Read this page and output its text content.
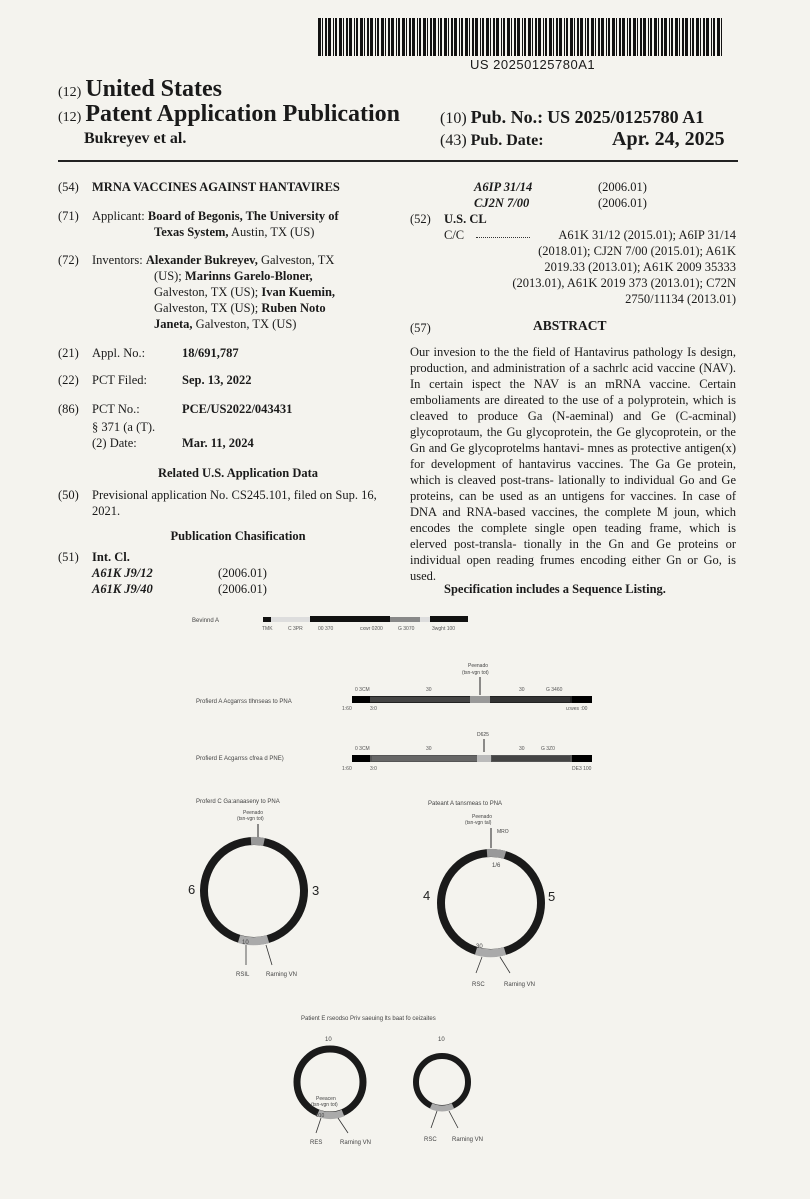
US 20250125780A1
(12) United States
(12) Patent Application Publication
Bukreyev et al.
(10) Pub. No.: US 2025/0125780 A1
(43) Pub. Date:	Apr. 24, 2025
(54) MRNA VACCINES AGAINST HANTAVIRES
(71) Applicant: Board of Begonis, The University of
Texas System, Austin, TX (US)
(72) Inventors: Alexander Bukreyev, Galveston, TX
(US); Marinns Garelo-Bloner,
Galveston, TX (US); Ivan Kuemin,
Galveston, TX (US); Ruben Noto
Janeta, Galveston, TX (US)
(21) Appl. No.:	18/691,787
(22) PCT Filed:	Sep. 13, 2022
(86) PCT No.:	PCE/US2022/043431
§ 371 (a (T).
(2) Date:	Mar. 11, 2024
Related U.S. Application Data
(50) Previsional application No. CS245.101, filed on Sup. 16, 2021.
Publication Chasification
(51) Int. Cl.
A61K J9/12	(2006.01)
A61K J9/40	(2006.01)
A6IP 31/14	(2006.01)
CJ2N 7/00	(2006.01)
(52) U.S. CL
C/C	A61K 31/12 (2015.01); A6IP 31/14
(2018.01); CJ2N 7/00 (2015.01); A61K
2019.33 (2013.01); A61K 2009 35333
(2013.01), A61K 2019 373 (2013.01); C72N
2750/11134 (2013.01)
(57)	ABSTRACT
Our invesion to the the field of Hantavirus pathology Is design, production, and administration of a sachrlc acid vaccine (NAV). In certain ispect the NAV is an mRNA vaccine. Certain emboliaments are direated to the use of a polyprotein, which is cleaved to produce Ga (N-aeminal) and Ge (C-acminal) glycoprotaum, the Gu glycoprotein, the Ge glycoprotein, or the Gn and Ge glycoprotelms hantavi- mnes as protective antigen(x) for development of hantavirus vaccines. The Ga Ge protein, which is cleaved post-trans- lationally to individual Go and Ge proteins, can be used as an untigens for vaccines. In case of DNA and RNA-based vaccines, the complete M joun, which encodes the complete single open teading frame, which is elerved post-transla- tionally in the Gn and Ge proteins or individual open reading frumes encoding either Gn or Go, is used.
Specification includes a Sequence Listing.
Bevinnd A
TMK	C 3PR	00 370	cxwr 0200	G 3070	3wght 100
Profierd A Acgarrss tlhnseas to PNA
Peenado
(tsn-vgn tot)
0 3CM	30	30	G 3460
1:60	3:0	u:wes :00
Profierd E Acgarrss cfrea d PNE)
D625
0 3CM	30	30	G 3Z0
1:60	3:0	DE3 100
Proferd C Ga:anaaseny to PNA
Peenado
(tsn-vgn tot)
6	3
10
RSIL	Rarning VN
Pateant A tansmeas to PNA
Peenado
(tsn-vgn tal)
MRO
4	5
1/6
30
RSC	Rarning VN
Patient E rseodso Priv saeuing lts baat fo ceizaites
10
Peeacen
(tsn-vgn tot)
010
RES	Rarning VN
10
RSC	Rarning VN
